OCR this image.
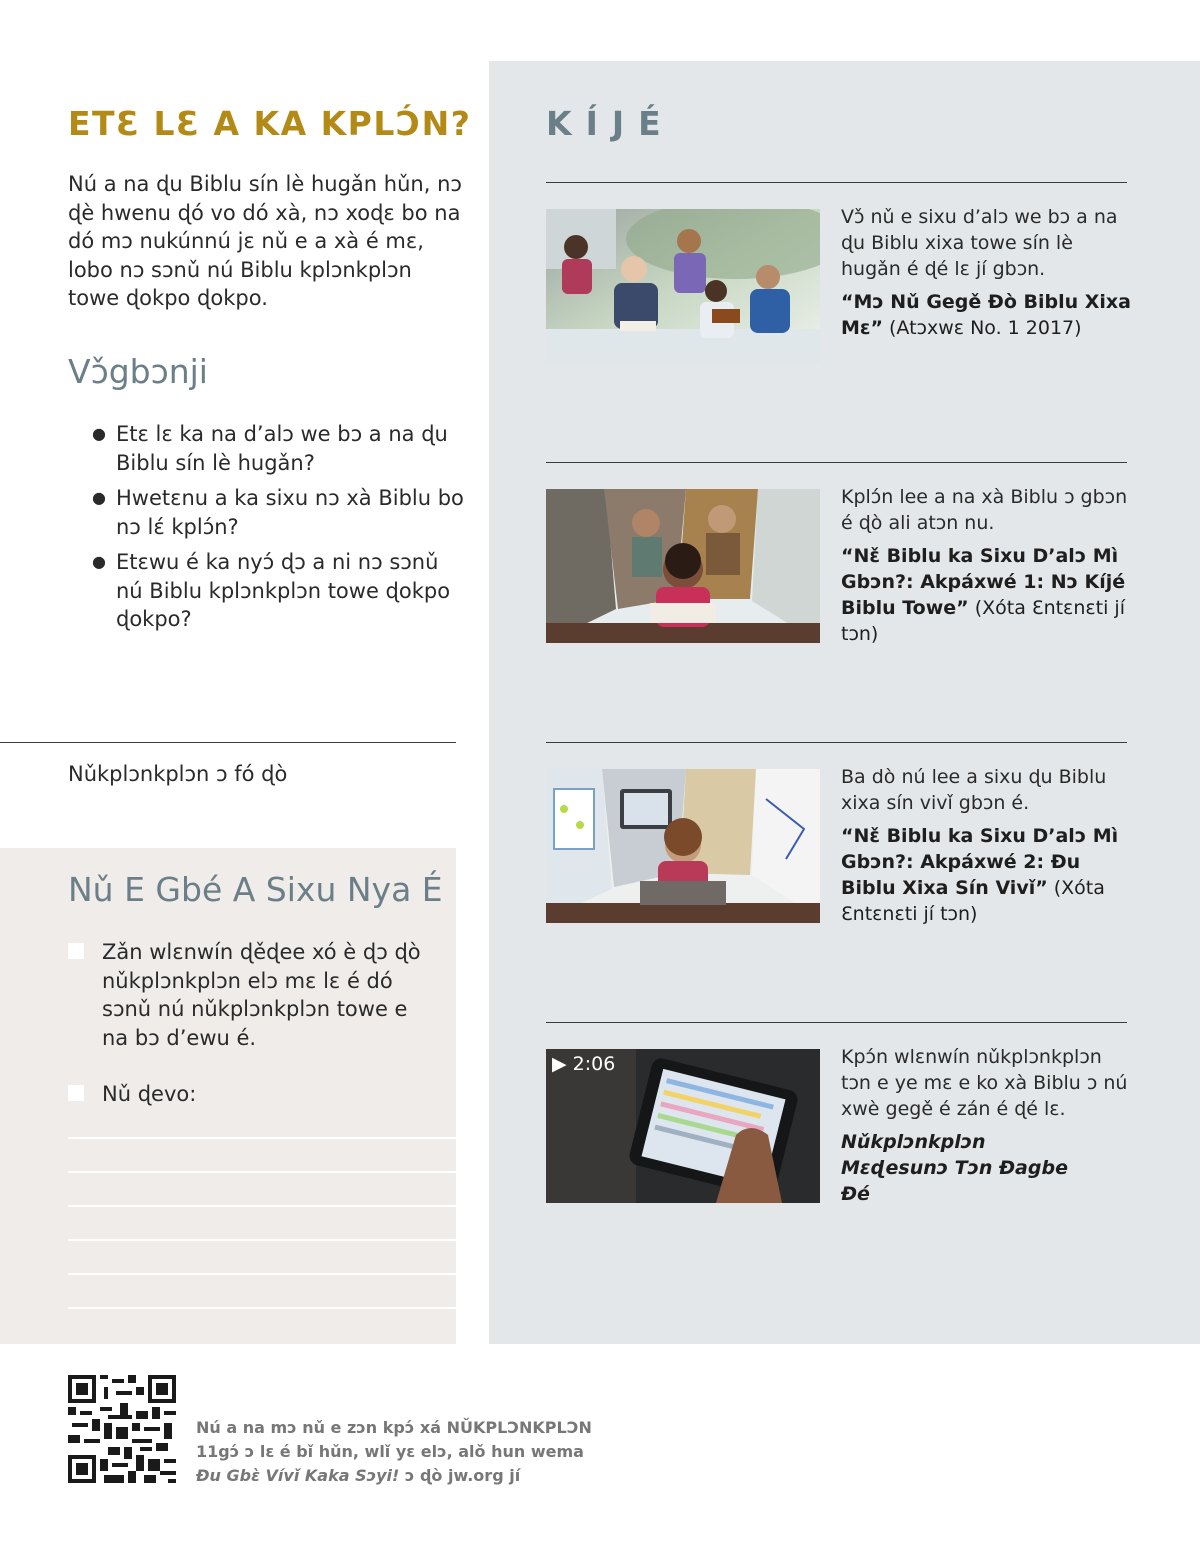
ETƐ LƐ A KA KPLƆ́N?
Nú a na ɖu Biblu sín lè hugǎn hǔn, nɔ ɖè hwenu ɖó vo dó xà, nɔ xoɖɛ bo na dó mɔ nukúnnú jɛ nǔ e a xà é mɛ, lobo nɔ sɔnǔ nú Biblu kplɔnkplɔn towe ɖokpo ɖokpo.
Vɔ̌gbɔnji
● Etɛ lɛ ka na d’alɔ we bɔ a na ɖu Biblu sín lè hugǎn?
● Hwetɛnu a ka sixu nɔ xà Biblu bo nɔ lɛ́ kplɔ́n?
● Etɛwu é ka nyɔ́ ɖɔ a ni nɔ sɔnǔ nú Biblu kplɔnkplɔn towe ɖokpo ɖokpo?
Nǔkplɔnkplɔn ɔ fó ɖò
Nǔ E Gbé A Sixu Nya É
Zǎn wlɛnwín ɖěɖee xó è ɖɔ ɖò nǔkplɔnkplɔn elɔ mɛ lɛ é dó sɔnǔ nú nǔkplɔnkplɔn towe e na bɔ d’ewu é.
Nǔ ɖevo:
KÍJÉ
Vɔ̌ nǔ e sixu d’alɔ we bɔ a na ɖu Biblu xixa towe sín lè hugǎn é ɖé lɛ jí gbɔn.
“Mɔ Nǔ Gegě Ðò Biblu Xixa Mɛ” (Atɔxwɛ No. 1 2017)
Kplɔ́n lee a na xà Biblu ɔ gbɔn é ɖò ali atɔn nu.
“Nɛ̌ Biblu ka Sixu D’alɔ Mì Gbɔn?: Akpáxwé 1: Nɔ Kíjé Biblu Towe” (Xóta Ɛntɛnɛti jí tɔn)
Ba dò nú lee a sixu ɖu Biblu xixa sín vivǐ gbɔn é.
“Nɛ̌ Biblu ka Sixu D’alɔ Mì Gbɔn?: Akpáxwé 2: Ɖu Biblu Xixa Sín Vivǐ” (Xóta Ɛntɛnɛti jí tɔn)
▶ 2:06	Kpɔ́n wlɛnwín nǔkplɔnkplɔn tɔn e ye mɛ e ko xà Biblu ɔ nú xwè gegě é zán é ɖé lɛ.
Nǔkplɔnkplɔn Mɛɖesunɔ Tɔn Ðagbe Ðé
Nú a na mɔ nǔ e zɔn kpɔ́ xá NǓKPLƆNKPLƆN
11gɔ́ ɔ lɛ é bǐ hǔn, wlǐ yɛ elɔ, alǒ hun wema
Ɖu Gbɛ̀ Vívǐ Kaka Sɔyi! ɔ ɖò jw.org jí
